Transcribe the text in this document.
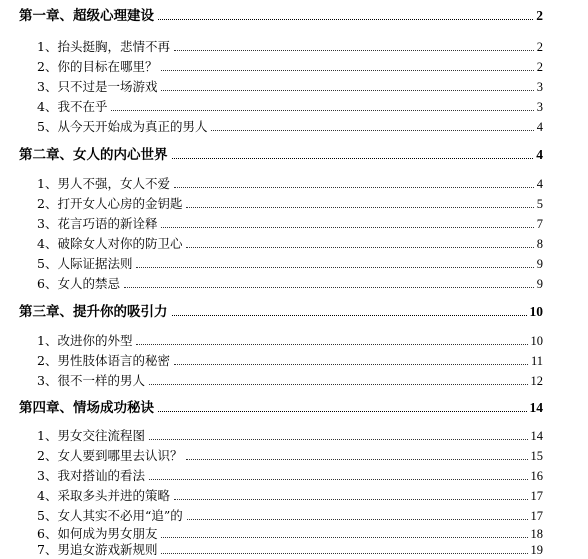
第一章、超级心理建设	2
1、抬头挺胸，悲情不再	2
2、你的目标在哪里？	2
3、只不过是一场游戏	3
4、我不在乎	3
5、从今天开始成为真正的男人	4
第二章、女人的内心世界	4
1、男人不强，女人不爱	4
2、打开女人心房的金钥匙	5
3、花言巧语的新诠释	7
4、破除女人对你的防卫心	8
5、人际证据法则	9
6、女人的禁忌	9
第三章、提升你的吸引力	10
1、改进你的外型	10
2、男性肢体语言的秘密	11
3、很不一样的男人	12
第四章、情场成功秘诀	14
1、男女交往流程图	14
2、女人要到哪里去认识？	15
3、我对搭讪的看法	16
4、采取多头并进的策略	17
5、女人其实不必用“追”的	17
6、如何成为男女朋友	18
7、男追女游戏新规则	19
